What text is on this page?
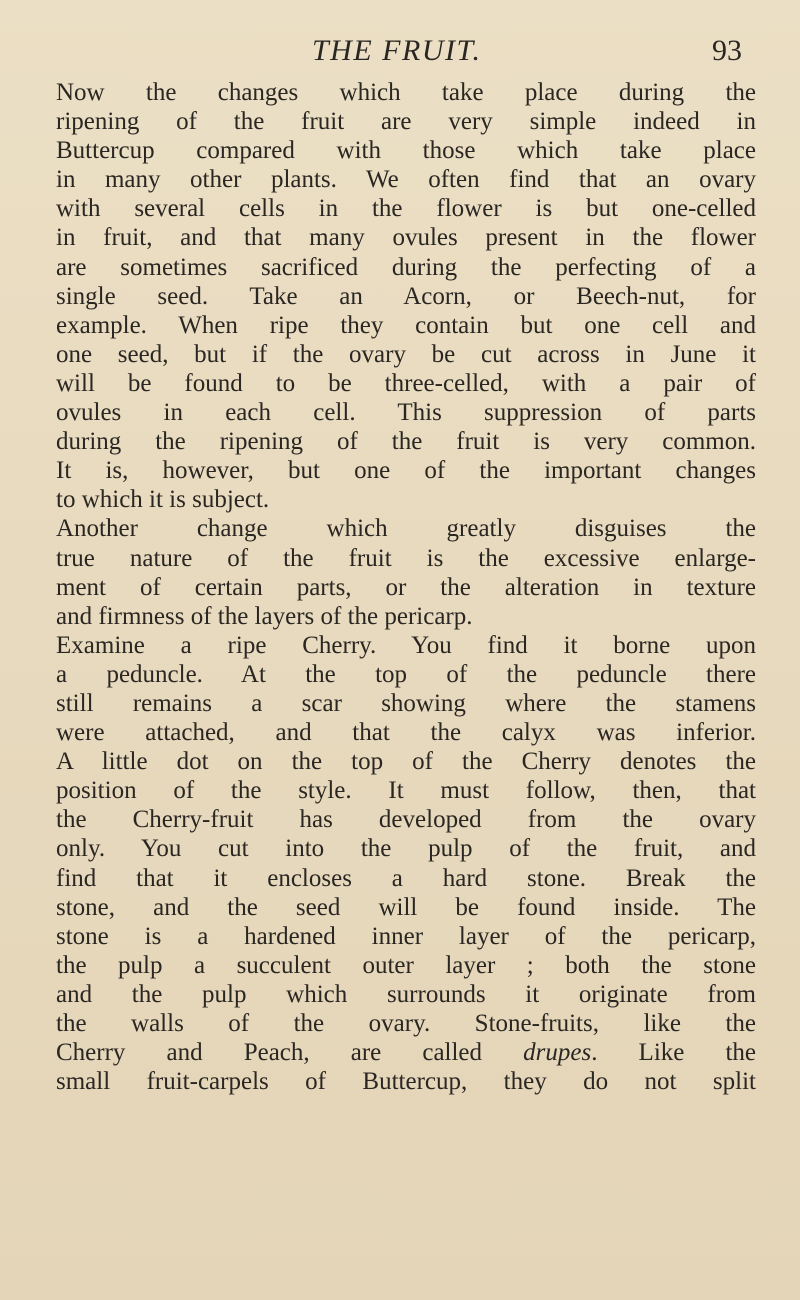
THE FRUIT.	93
Now the changes which take place during the
ripening of the fruit are very simple indeed in
Buttercup compared with those which take place
in many other plants. We often find that an ovary
with several cells in the flower is but one-celled
in fruit, and that many ovules present in the flower
are sometimes sacrificed during the perfecting of a
single seed. Take an Acorn, or Beech-nut, for
example. When ripe they contain but one cell and
one seed, but if the ovary be cut across in June it
will be found to be three-celled, with a pair of
ovules in each cell. This suppression of parts
during the ripening of the fruit is very common.
It is, however, but one of the important changes
to which it is subject.
Another change which greatly disguises the
true nature of the fruit is the excessive enlarge-
ment of certain parts, or the alteration in texture
and firmness of the layers of the pericarp.
Examine a ripe Cherry. You find it borne upon
a peduncle. At the top of the peduncle there
still remains a scar showing where the stamens
were attached, and that the calyx was inferior.
A little dot on the top of the Cherry denotes the
position of the style. It must follow, then, that
the Cherry-fruit has developed from the ovary
only. You cut into the pulp of the fruit, and
find that it encloses a hard stone. Break the
stone, and the seed will be found inside. The
stone is a hardened inner layer of the pericarp,
the pulp a succulent outer layer ; both the stone
and the pulp which surrounds it originate from
the walls of the ovary. Stone-fruits, like the
Cherry and Peach, are called drupes. Like the
small fruit-carpels of Buttercup, they do not split
